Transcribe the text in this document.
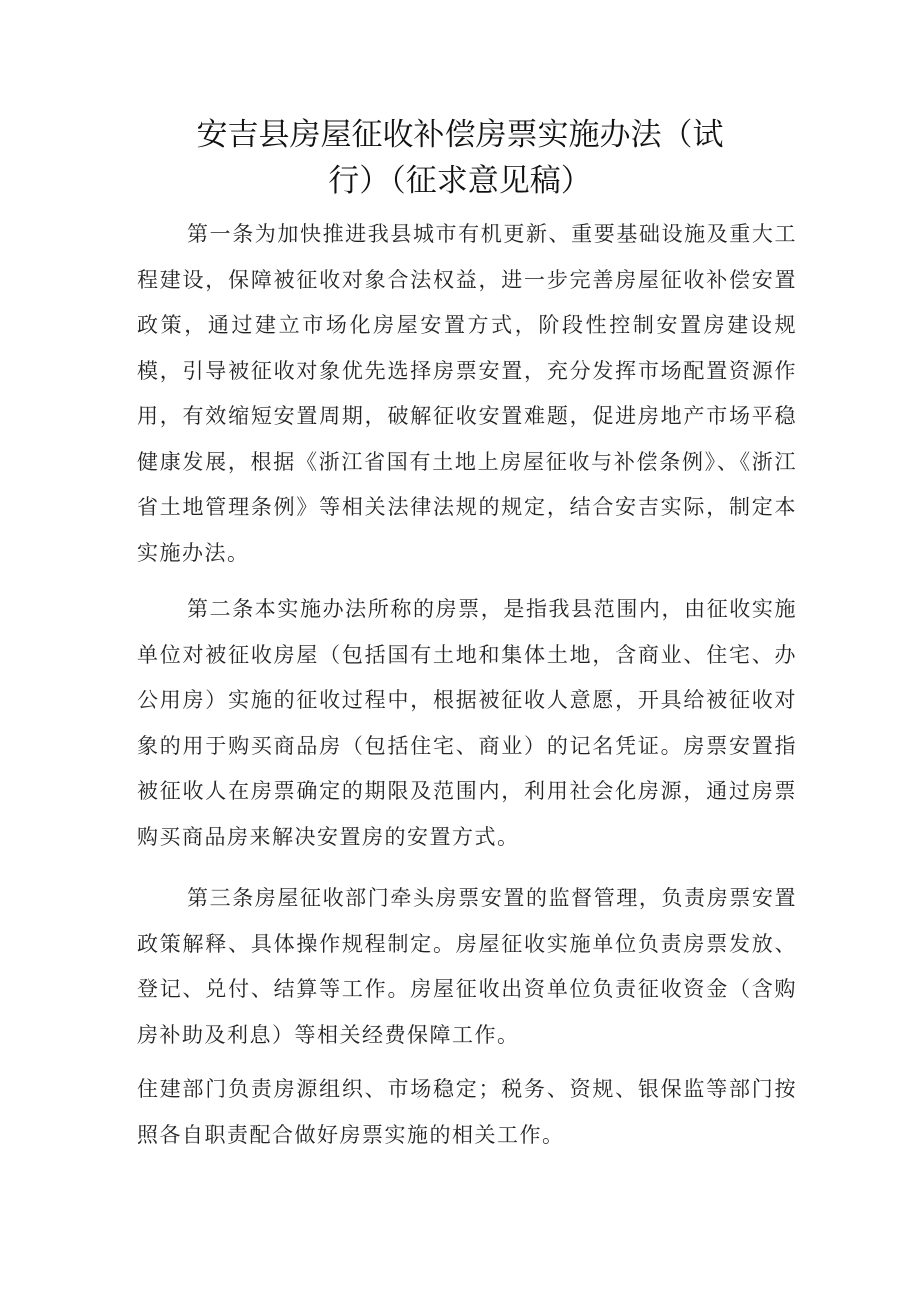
安吉县房屋征收补偿房票实施办法（试
行）（征求意见稿）

第一条为加快推进我县城市有机更新、重要基础设施及重大工程建设，保障被征收对象合法权益，进一步完善房屋征收补偿安置政策，通过建立市场化房屋安置方式，阶段性控制安置房建设规模，引导被征收对象优先选择房票安置，充分发挥市场配置资源作用，有效缩短安置周期，破解征收安置难题，促进房地产市场平稳健康发展，根据《浙江省国有土地上房屋征收与补偿条例》、《浙江省土地管理条例》等相关法律法规的规定，结合安吉实际，制定本实施办法。

第二条本实施办法所称的房票，是指我县范围内，由征收实施单位对被征收房屋（包括国有土地和集体土地，含商业、住宅、办公用房）实施的征收过程中，根据被征收人意愿，开具给被征收对象的用于购买商品房（包括住宅、商业）的记名凭证。房票安置指被征收人在房票确定的期限及范围内，利用社会化房源，通过房票购买商品房来解决安置房的安置方式。

第三条房屋征收部门牵头房票安置的监督管理，负责房票安置政策解释、具体操作规程制定。房屋征收实施单位负责房票发放、登记、兑付、结算等工作。房屋征收出资单位负责征收资金（含购房补助及利息）等相关经费保障工作。

住建部门负责房源组织、市场稳定；税务、资规、银保监等部门按照各自职责配合做好房票实施的相关工作。
